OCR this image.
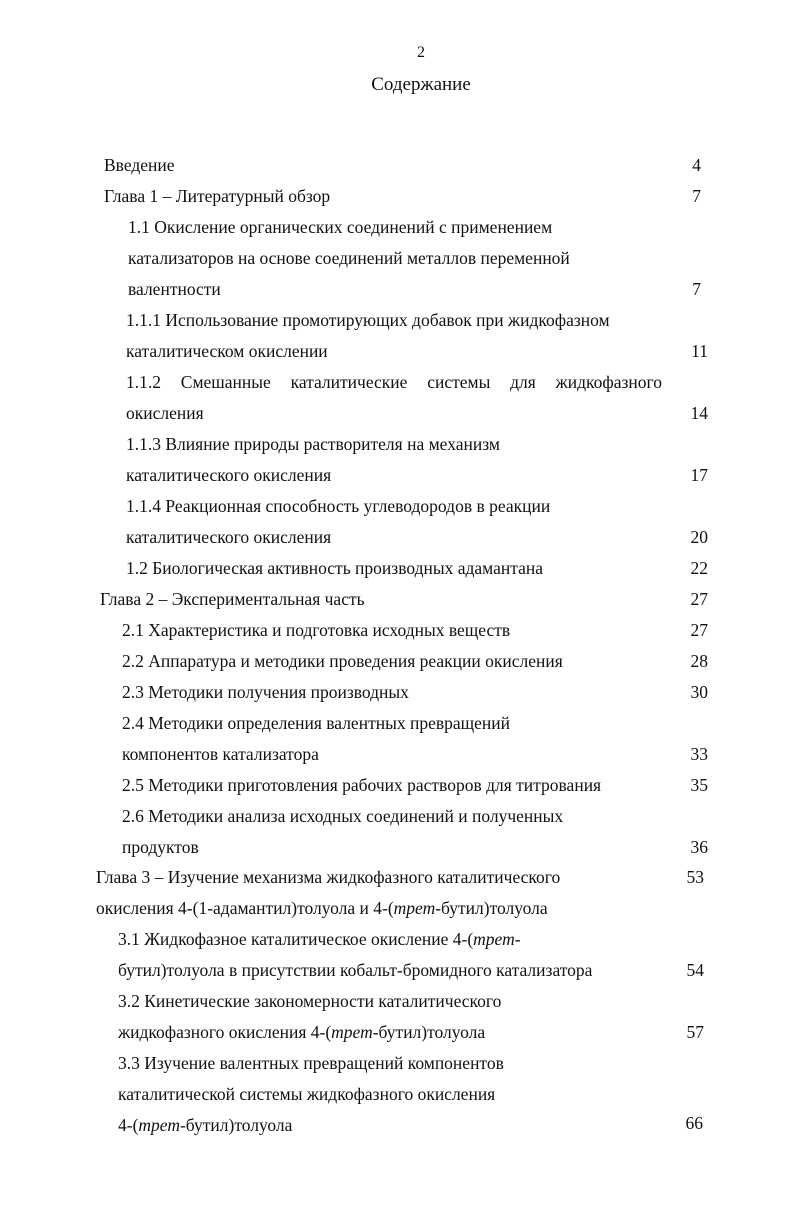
2
Содержание
Введение	4
Глава 1 – Литературный обзор	7
1.1 Окисление органических соединений с применением
катализаторов на основе соединений металлов переменной
валентности	7
1.1.1 Использование промотирующих добавок при жидкофазном
каталитическом окислении	11
1.1.2 Смешанные каталитические системы для жидкофазного
окисления	14
1.1.3 Влияние природы растворителя на механизм
каталитического окисления	17
1.1.4 Реакционная способность углеводородов в реакции
каталитического окисления	20
1.2 Биологическая активность производных адамантана	22
Глава 2 – Экспериментальная часть	27
2.1 Характеристика и подготовка исходных веществ	27
2.2 Аппаратура и методики проведения реакции окисления	28
2.3 Методики получения производных	30
2.4 Методики определения валентных превращений
компонентов катализатора	33
2.5 Методики приготовления рабочих растворов для титрования	35
2.6 Методики анализа исходных соединений и полученных
продуктов	36
Глава 3 – Изучение механизма жидкофазного каталитического	53
окисления 4-(1-адамантил)толуола и 4-(трет-бутил)толуола
3.1 Жидкофазное каталитическое окисление 4-(трет-
бутил)толуола в присутствии кобальт-бромидного катализатора	54
3.2 Кинетические закономерности каталитического
жидкофазного окисления 4-(трет-бутил)толуола	57
3.3 Изучение валентных превращений компонентов
каталитической системы жидкофазного окисления
4-(трет-бутил)толуола	66
